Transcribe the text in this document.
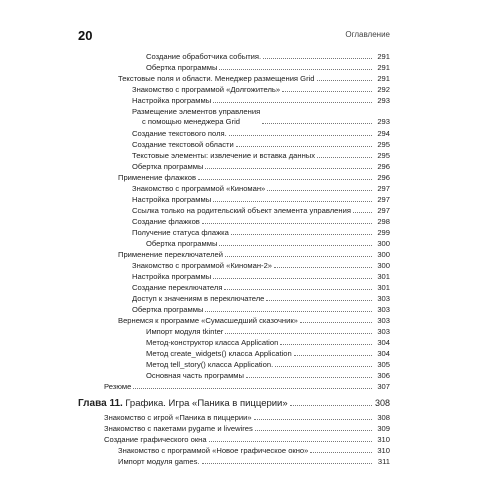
20	Оглавление
Создание обработчика события.	291
Обертка программы	291
Текстовые поля и области. Менеджер размещения Grid	291
Знакомство с программой «Долгожитель»	292
Настройка программы	293
Размещение элементов управления
с помощью менеджера Grid	293
Создание текстового поля.	294
Создание текстовой области	295
Текстовые элементы: извлечение и вставка данных	295
Обертка программы	296
Применение флажков	296
Знакомство с программой «Киноман»	297
Настройка программы	297
Ссылка только на родительский объект элемента управления	297
Создание флажков	298
Получение статуса флажка	299
Обертка программы	300
Применение переключателей	300
Знакомство с программой «Киноман-2»	300
Настройка программы	301
Создание переключателя	301
Доступ к значениям в переключателе	303
Обертка программы	303
Вернемся к программе «Сумасшедший сказочник»	303
Импорт модуля tkinter	303
Метод-конструктор класса Application	304
Метод create_widgets() класса Application	304
Метод tell_story() класса Application.	305
Основная часть программы	306
Резюме	307
Глава 11. Графика. Игра «Паника в пиццерии»	308
Знакомство с игрой «Паника в пиццерии»	308
Знакомство с пакетами pygame и livewires	309
Создание графического окна	310
Знакомство с программой «Новое графическое окно»	310
Импорт модуля games.	311
